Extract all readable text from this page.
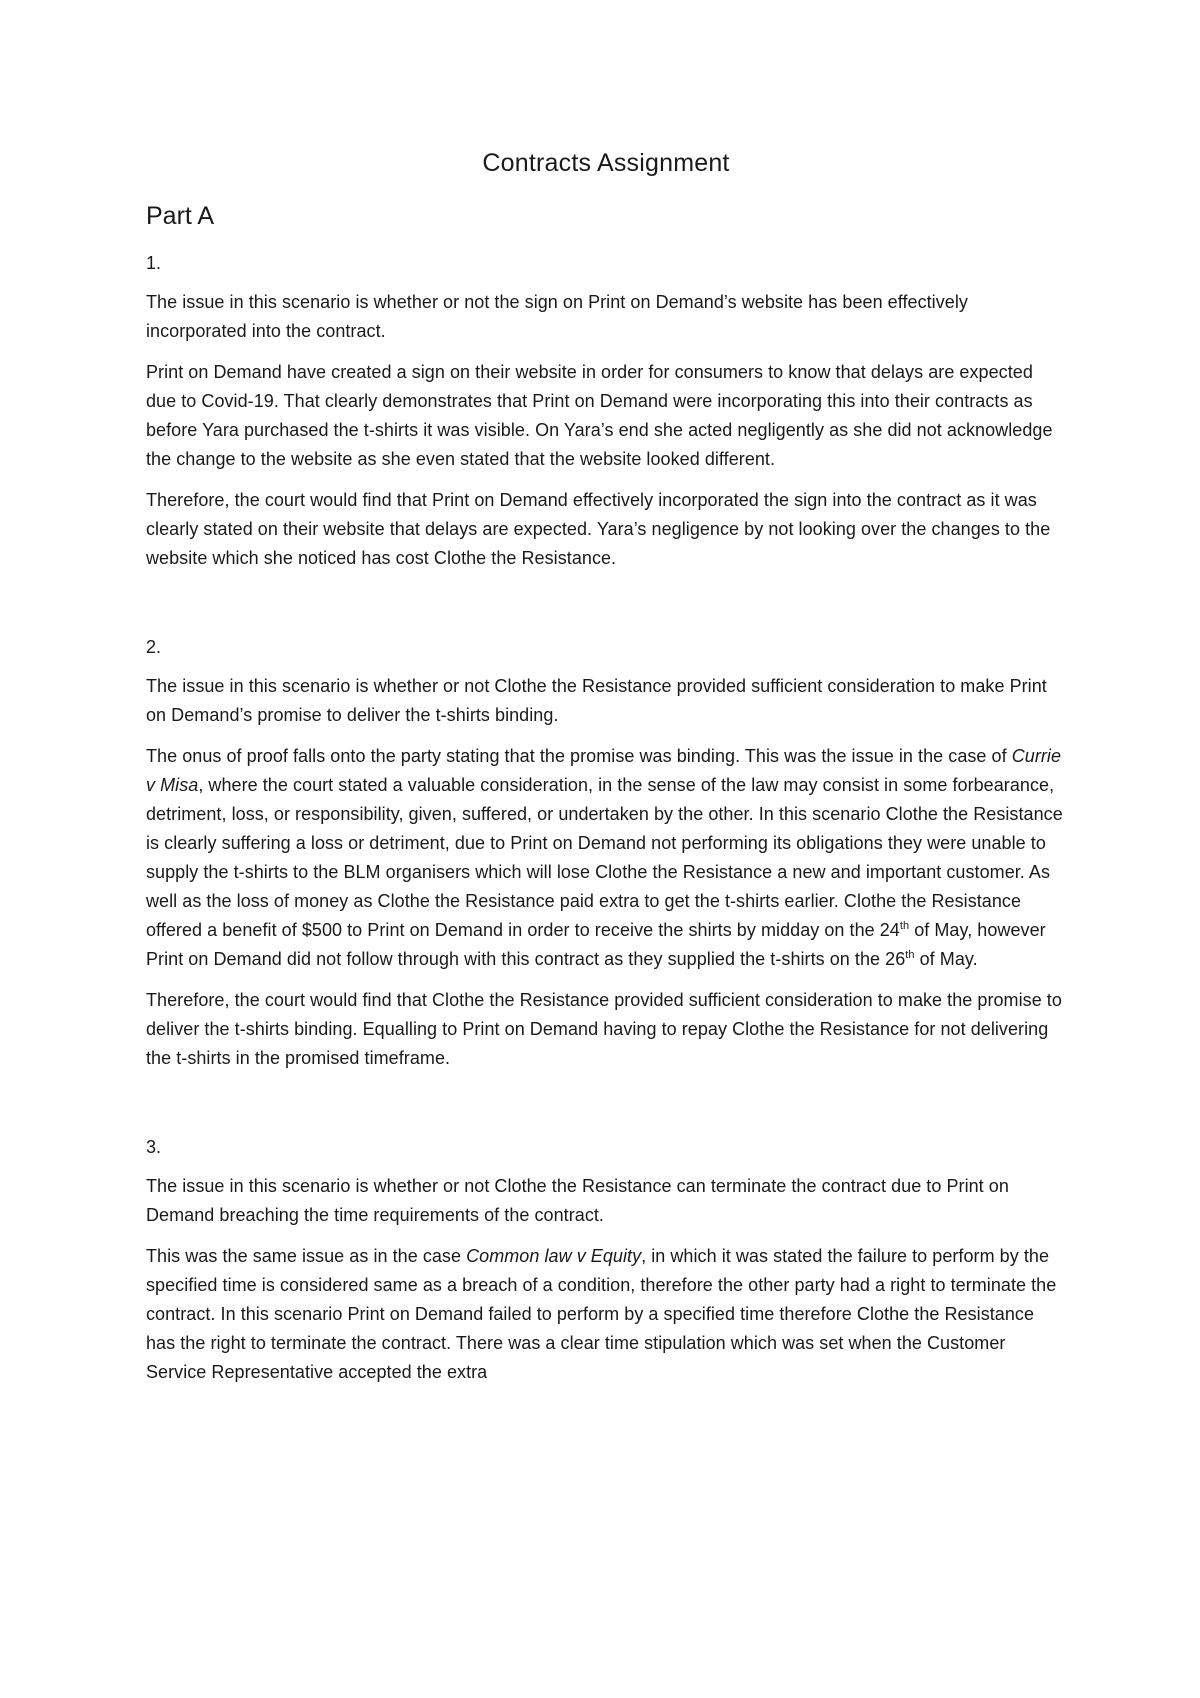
Contracts Assignment
Part A
1.

The issue in this scenario is whether or not the sign on Print on Demand’s website has been effectively incorporated into the contract.

Print on Demand have created a sign on their website in order for consumers to know that delays are expected due to Covid-19. That clearly demonstrates that Print on Demand were incorporating this into their contracts as before Yara purchased the t-shirts it was visible. On Yara’s end she acted negligently as she did not acknowledge the change to the website as she even stated that the website looked different.

Therefore, the court would find that Print on Demand effectively incorporated the sign into the contract as it was clearly stated on their website that delays are expected. Yara’s negligence by not looking over the changes to the website which she noticed has cost Clothe the Resistance.

2.

The issue in this scenario is whether or not Clothe the Resistance provided sufficient consideration to make Print on Demand’s promise to deliver the t-shirts binding.

The onus of proof falls onto the party stating that the promise was binding. This was the issue in the case of Currie v Misa, where the court stated a valuable consideration, in the sense of the law may consist in some forbearance, detriment, loss, or responsibility, given, suffered, or undertaken by the other. In this scenario Clothe the Resistance is clearly suffering a loss or detriment, due to Print on Demand not performing its obligations they were unable to supply the t-shirts to the BLM organisers which will lose Clothe the Resistance a new and important customer. As well as the loss of money as Clothe the Resistance paid extra to get the t-shirts earlier. Clothe the Resistance offered a benefit of $500 to Print on Demand in order to receive the shirts by midday on the 24th of May, however Print on Demand did not follow through with this contract as they supplied the t-shirts on the 26th of May.

Therefore, the court would find that Clothe the Resistance provided sufficient consideration to make the promise to deliver the t-shirts binding. Equalling to Print on Demand having to repay Clothe the Resistance for not delivering the t-shirts in the promised timeframe.

3.

The issue in this scenario is whether or not Clothe the Resistance can terminate the contract due to Print on Demand breaching the time requirements of the contract.

This was the same issue as in the case Common law v Equity, in which it was stated the failure to perform by the specified time is considered same as a breach of a condition, therefore the other party had a right to terminate the contract. In this scenario Print on Demand failed to perform by a specified time therefore Clothe the Resistance has the right to terminate the contract. There was a clear time stipulation which was set when the Customer Service Representative accepted the extra
